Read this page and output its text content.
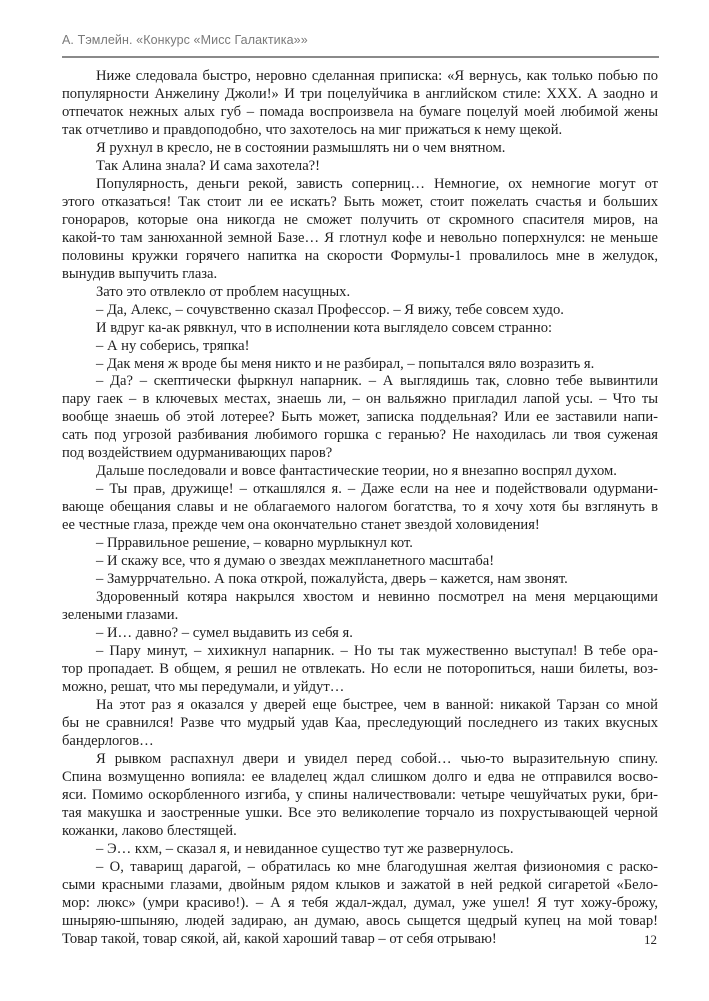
А. Тэмлейн. «Конкурс «Мисс Галактика»»
Ниже следовала быстро, неровно сделанная приписка: «Я вернусь, как только побью по
популярности Анжелину Джоли!» И три поцелуйчика в английском стиле: XXX. А заодно и
отпечаток нежных алых губ – помада воспроизвела на бумаге поцелуй моей любимой жены
так отчетливо и правдоподобно, что захотелось на миг прижаться к нему щекой.
Я рухнул в кресло, не в состоянии размышлять ни о чем внятном.
Так Алина знала? И сама захотела?!
Популярность, деньги рекой, зависть соперниц… Немногие, ох немногие могут от
этого отказаться! Так стоит ли ее искать? Быть может, стоит пожелать счастья и больших
гонораров, которые она никогда не сможет получить от скромного спасителя миров, на
какой-то там занюханной земной Базе… Я глотнул кофе и невольно поперхнулся: не меньше
половины кружки горячего напитка на скорости Формулы-1 провалилось мне в желудок,
вынудив выпучить глаза.
Зато это отвлекло от проблем насущных.
– Да, Алекс, – сочувственно сказал Профессор. – Я вижу, тебе совсем худо.
И вдруг ка-ак рявкнул, что в исполнении кота выглядело совсем странно:
– А ну соберись, тряпка!
– Дак меня ж вроде бы меня никто и не разбирал, – попытался вяло возразить я.
– Да? – скептически фыркнул напарник. – А выглядишь так, словно тебе вывинтили
пару гаек – в ключевых местах, знаешь ли, – он вальяжно пригладил лапой усы. – Что ты
вообще знаешь об этой лотерее? Быть может, записка поддельная? Или ее заставили напи-
сать под угрозой разбивания любимого горшка с геранью? Не находилась ли твоя суженая
под воздействием одурманивающих паров?
Дальше последовали и вовсе фантастические теории, но я внезапно воспрял духом.
– Ты прав, дружище! – откашлялся я. – Даже если на нее и подействовали одурмани-
вающе обещания славы и не облагаемого налогом богатства, то я хочу хотя бы взглянуть в
ее честные глаза, прежде чем она окончательно станет звездой холовидения!
– Прравильное решение, – коварно мурлыкнул кот.
– И скажу все, что я думаю о звездах межпланетного масштаба!
– Замуррчательно. А пока открой, пожалуйста, дверь – кажется, нам звонят.
Здоровенный котяра накрылся хвостом и невинно посмотрел на меня мерцающими
зелеными глазами.
– И… давно? – сумел выдавить из себя я.
– Пару минут, – хихикнул напарник. – Но ты так мужественно выступал! В тебе ора-
тор пропадает. В общем, я решил не отвлекать. Но если не поторопиться, наши билеты, воз-
можно, решат, что мы передумали, и уйдут…
На этот раз я оказался у дверей еще быстрее, чем в ванной: никакой Тарзан со мной
бы не сравнился! Разве что мудрый удав Каа, преследующий последнего из таких вкусных
бандерлогов…
Я рывком распахнул двери и увидел перед собой… чью-то выразительную спину.
Спина возмущенно вопияла: ее владелец ждал слишком долго и едва не отправился восво-
яси. Помимо оскорбленного изгиба, у спины наличествовали: четыре чешуйчатых руки, бри-
тая макушка и заостренные ушки. Все это великолепие торчало из похрустывающей черной
кожанки, лаково блестящей.
– Э… кхм, – сказал я, и невиданное существо тут же развернулось.
– О, таварищ дарагой, – обратилась ко мне благодушная желтая физиономия с раско-
сыми красными глазами, двойным рядом клыков и зажатой в ней редкой сигаретой «Бело-
мор: люкс» (умри красиво!). – А я тебя ждал-ждал, думал, уже ушел! Я тут хожу-брожу,
шныряю-шпыняю, людей задираю, ан думаю, авось сыщется щедрый купец на мой товар!
Товар такой, товар сякой, ай, какой хароший тавар – от себя отрываю!	12
